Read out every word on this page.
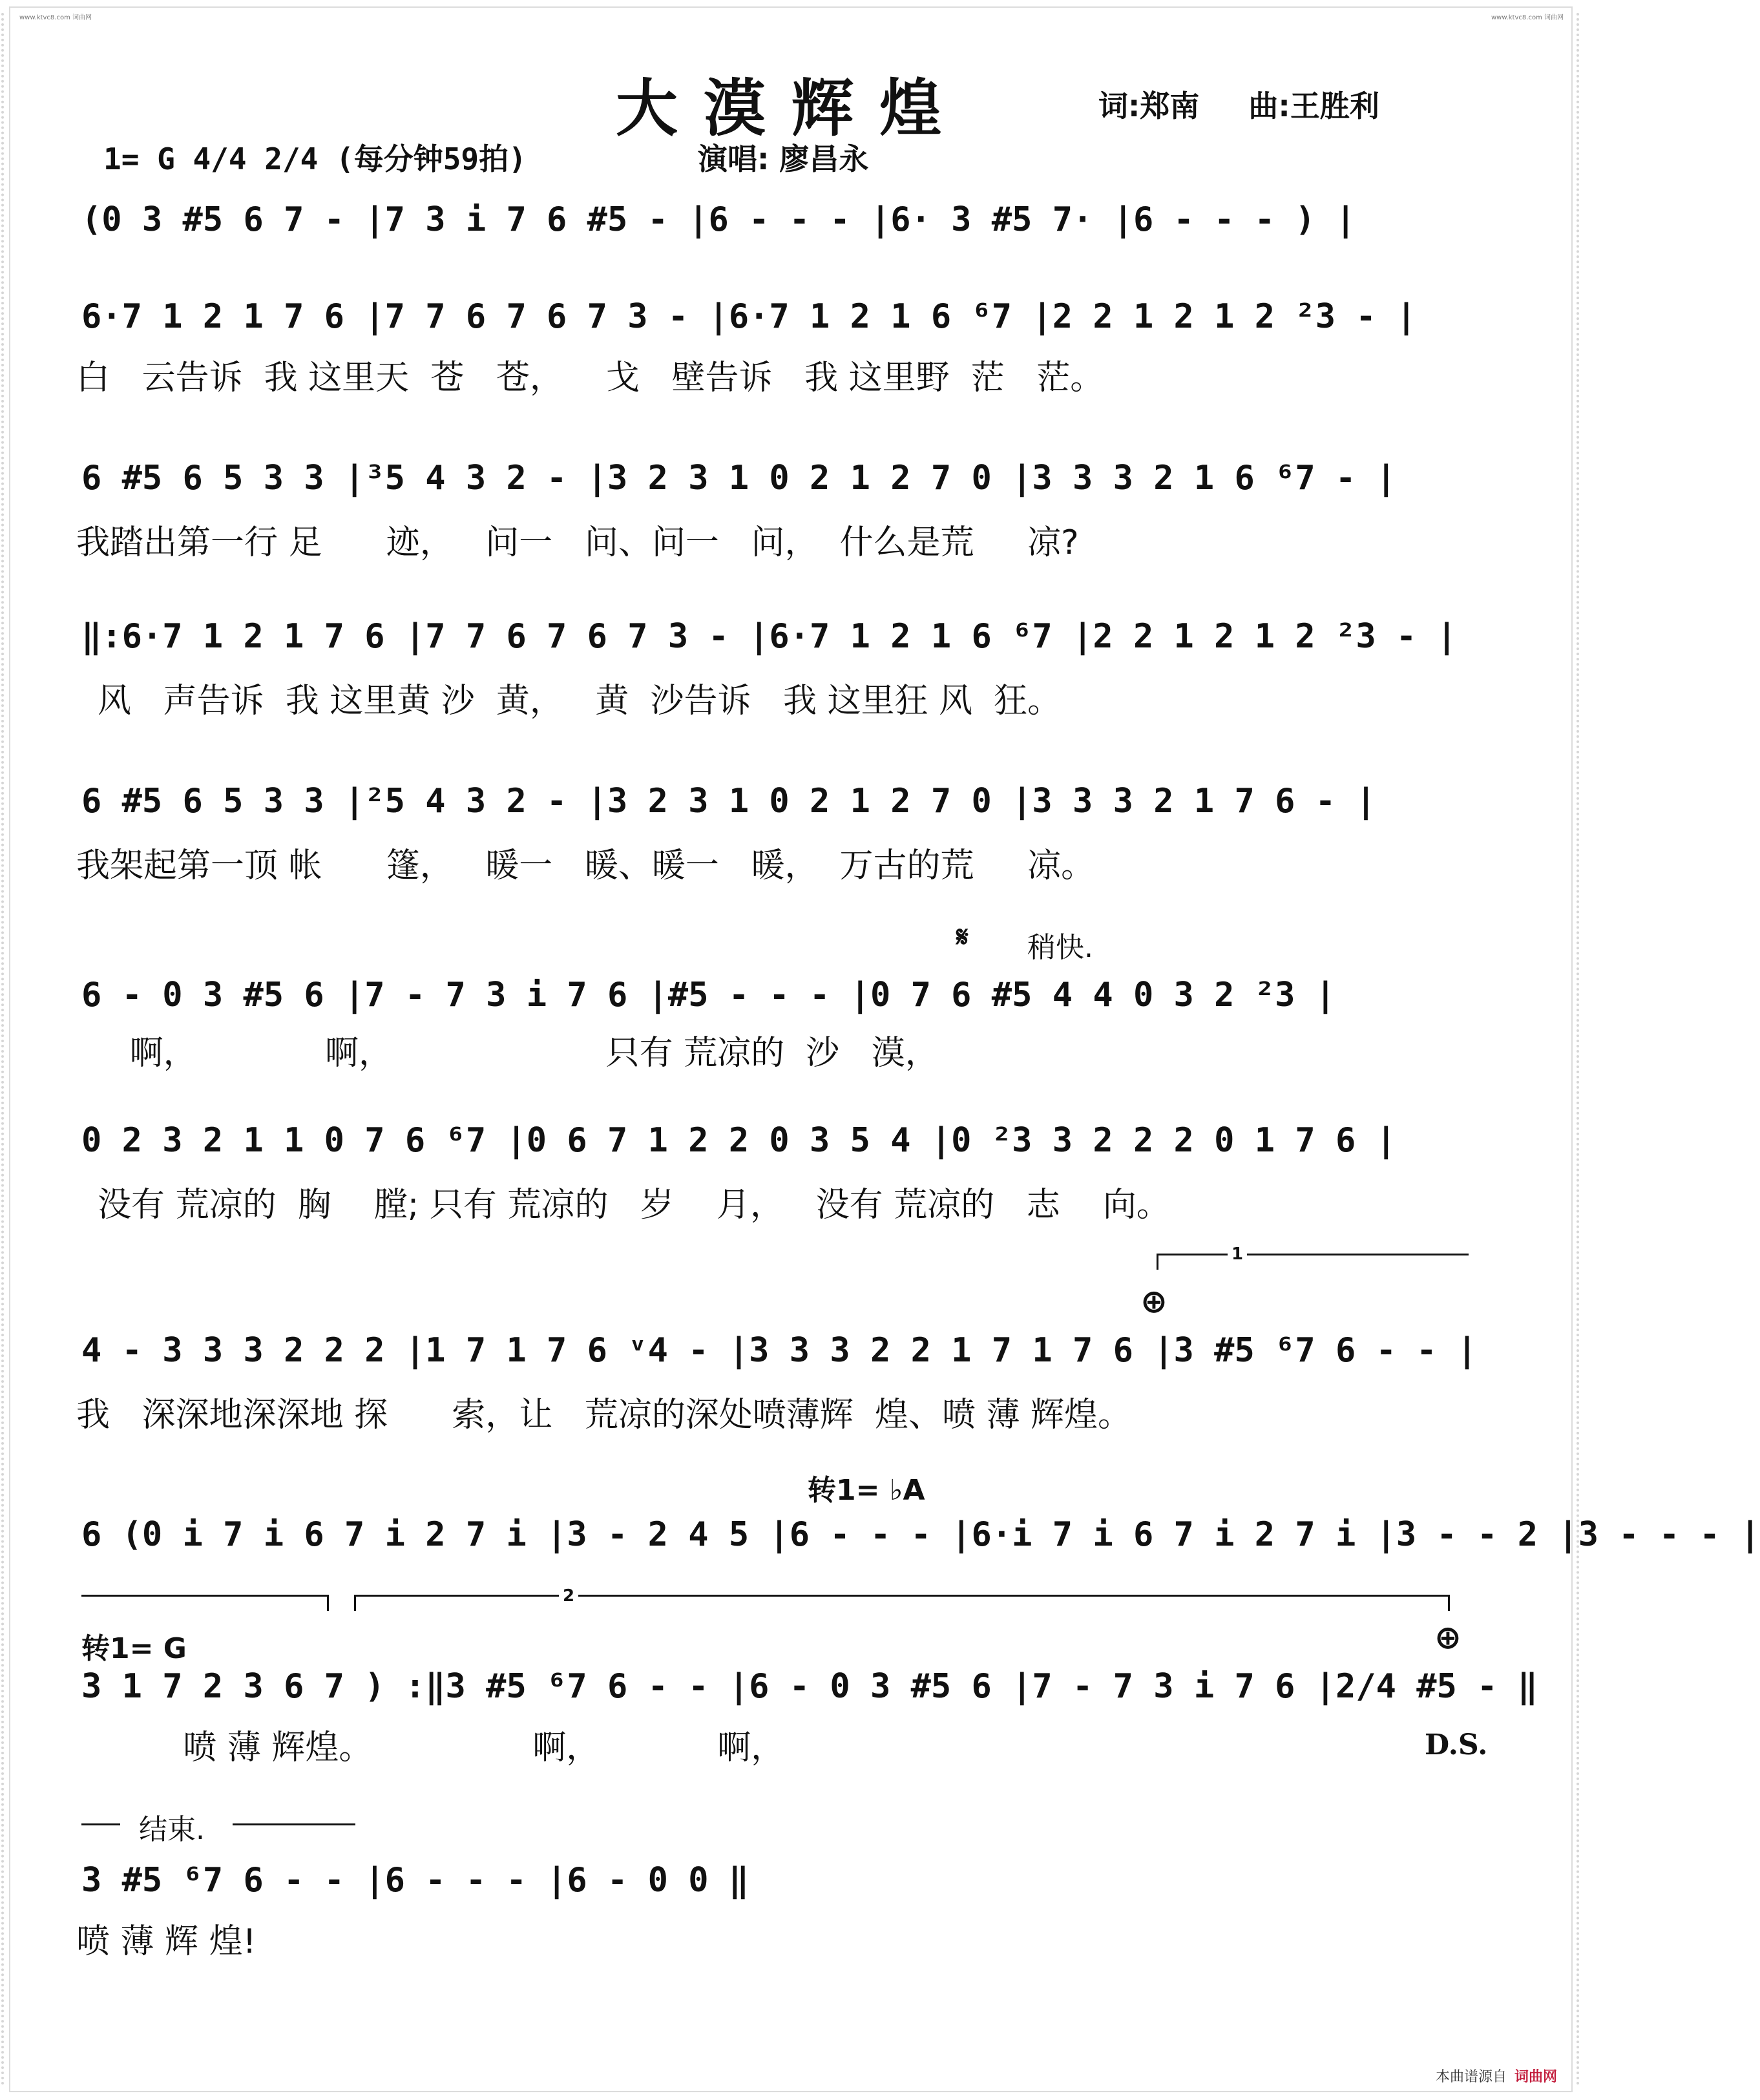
www.ktvc8.com 词曲网	www.ktvc8.com 词曲网
大漠辉煌	词:郑南 曲:王胜利
1= G 4/4 2/4 (每分钟59拍)	演唱: 廖昌永
(0 3 #5 6 7 - |7 3 i 7 6 #5 - |6 - - - |6· 3 #5 7· |6 - - - ) |
6·7 1 2 1 7 6 |7 7 6 7 6 7 3 - |6·7 1 2 1 6 ⁶7 |2 2 1 2 1 2 ²3 - |
白   云告诉  我 这里天  苍   苍，    戈   壁告诉   我 这里野  茫   茫。
6 #5 6 5 3 3 |³5 4 3 2 - |3 2 3 1 0 2 1 2 7 0 |3 3 3 2 1 6 ⁶7 - |
我踏出第一行 足      迹，   问一   问、问一   问，  什么是荒     凉?
‖:6·7 1 2 1 7 6 |7 7 6 7 6 7 3 - |6·7 1 2 1 6 ⁶7 |2 2 1 2 1 2 ²3 - |
风   声告诉  我 这里黄 沙  黄，   黄  沙告诉   我 这里狂 风  狂。
6 #5 6 5 3 3 |²5 4 3 2 - |3 2 3 1 0 2 1 2 7 0 |3 3 3 2 1 7 6 - |
我架起第一顶 帐      篷，   暖一   暖、暖一   暖，  万古的荒     凉。
𝄋 稍快.
6 - 0 3 #5 6 |7 - 7 3 i 7 6 |#5 - - - |0 7 6 #5 4 4 0 3 2 ²3 |
啊，            啊，                    只有 荒凉的  沙   漠，
0 2 3 2 1 1 0 7 6 ⁶7 |0 6 7 1 2 2 0 3 5 4 |0 ²3 3 2 2 2 0 1 7 6 |
没有 荒凉的  胸    膛; 只有 荒凉的   岁    月，   没有 荒凉的   志    向。
1
⊕
4 - 3 3 3 2 2 2 |1 7 1 7 6 ᵛ4 - |3 3 3 2 2 1 7 1 7 6 |3 #5 ⁶7 6 - - |
我   深深地深深地 探      索，让   荒凉的深处喷薄辉  煌、喷 薄 辉煌。
转1= ♭A
6 (0 i 7 i 6 7 i 2 7 i |3 - 2 4 5 |6 - - - |6·i 7 i 6 7 i 2 7 i |3 - - 2 |3 - - - |
2
转1= G	⊕
3 1 7 2 3 6 7 ) :‖3 #5 ⁶7 6 - - |6 - 0 3 #5 6 |7 - 7 3 i 7 6 |2/4 #5 - ‖
喷 薄 辉煌。               啊，           啊，	D.S.
结束.
3 #5 ⁶7 6 - - |6 - - - |6 - 0 0 ‖
喷 薄 辉 煌!
本曲谱源自 词曲网
